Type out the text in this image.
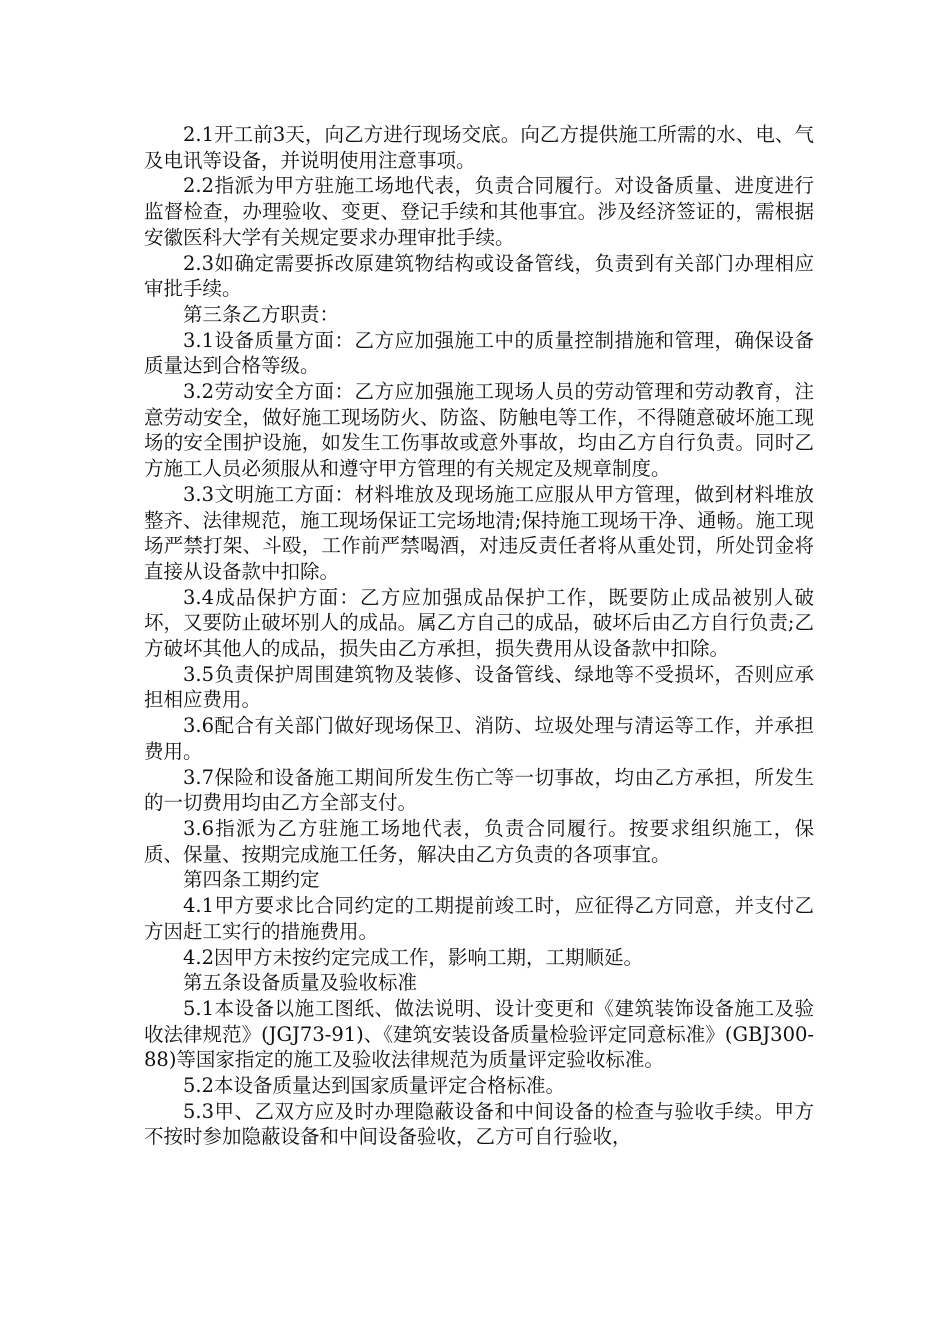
2.1开工前3天，向乙方进行现场交底。向乙方提供施工所需的水、电、气及电讯等设备，并说明使用注意事项。

2.2指派为甲方驻施工场地代表，负责合同履行。对设备质量、进度进行监督检查，办理验收、变更、登记手续和其他事宜。涉及经济签证的，需根据安徽医科大学有关规定要求办理审批手续。

2.3如确定需要拆改原建筑物结构或设备管线，负责到有关部门办理相应审批手续。

第三条乙方职责：

3.1设备质量方面：乙方应加强施工中的质量控制措施和管理，确保设备质量达到合格等级。

3.2劳动安全方面：乙方应加强施工现场人员的劳动管理和劳动教育，注意劳动安全，做好施工现场防火、防盗、防触电等工作，不得随意破坏施工现场的安全围护设施，如发生工伤事故或意外事故，均由乙方自行负责。同时乙方施工人员必须服从和遵守甲方管理的有关规定及规章制度。

3.3文明施工方面：材料堆放及现场施工应服从甲方管理，做到材料堆放整齐、法律规范，施工现场保证工完场地清;保持施工现场干净、通畅。施工现场严禁打架、斗殴，工作前严禁喝酒，对违反责任者将从重处罚，所处罚金将直接从设备款中扣除。

3.4成品保护方面：乙方应加强成品保护工作，既要防止成品被别人破坏，又要防止破坏别人的成品。属乙方自己的成品，破坏后由乙方自行负责;乙方破坏其他人的成品，损失由乙方承担，损失费用从设备款中扣除。

3.5负责保护周围建筑物及装修、设备管线、绿地等不受损坏，否则应承担相应费用。

3.6配合有关部门做好现场保卫、消防、垃圾处理与清运等工作，并承担费用。

3.7保险和设备施工期间所发生伤亡等一切事故，均由乙方承担，所发生的一切费用均由乙方全部支付。

3.6指派为乙方驻施工场地代表，负责合同履行。按要求组织施工，保质、保量、按期完成施工任务，解决由乙方负责的各项事宜。

第四条工期约定

4.1甲方要求比合同约定的工期提前竣工时，应征得乙方同意，并支付乙方因赶工实行的措施费用。

4.2因甲方未按约定完成工作，影响工期，工期顺延。

第五条设备质量及验收标准

5.1本设备以施工图纸、做法说明、设计变更和《建筑装饰设备施工及验收法律规范》(JGJ73-91)、《建筑安装设备质量检验评定同意标准》(GBJ300-88)等国家指定的施工及验收法律规范为质量评定验收标准。

5.2本设备质量达到国家质量评定合格标准。

5.3甲、乙双方应及时办理隐蔽设备和中间设备的检查与验收手续。甲方不按时参加隐蔽设备和中间设备验收，乙方可自行验收，
